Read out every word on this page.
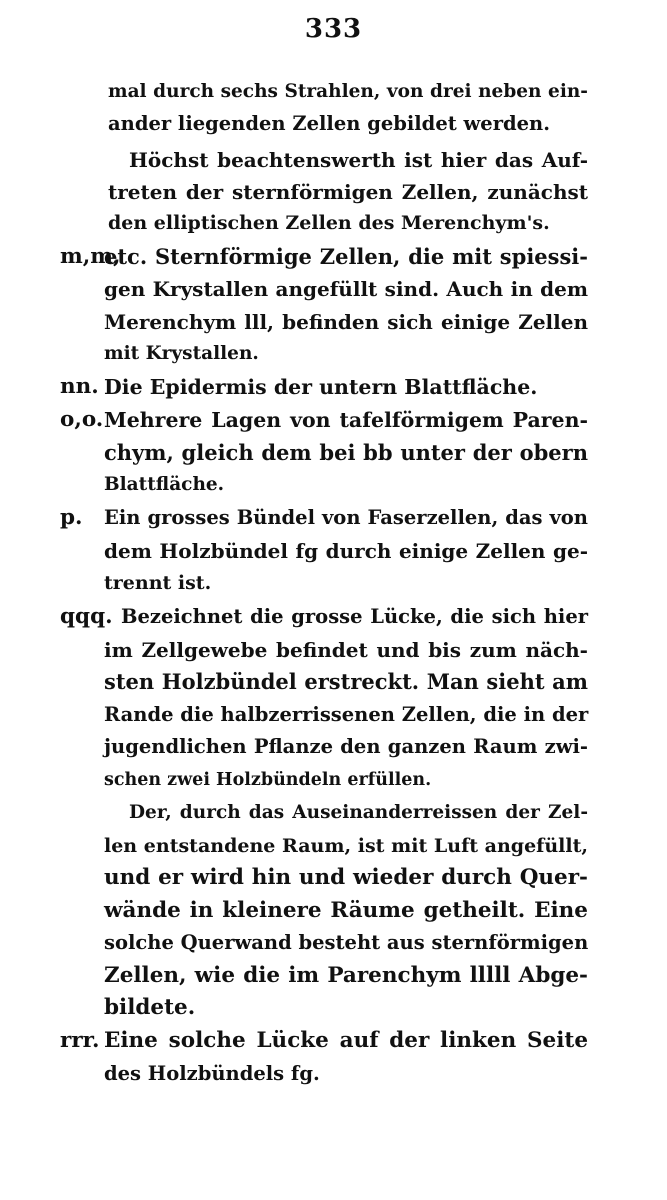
333
mal durch sechs Strahlen, von drei neben ein-
ander liegenden Zellen gebildet werden.
Höchst beachtenswerth ist hier das Auf-
treten der sternförmigen Zellen, zunächst
den elliptischen Zellen des Merenchym's.
m,m,
etc. Sternförmige Zellen, die mit spiessi-
gen Krystallen angefüllt sind. Auch in dem
Merenchym lll, befinden sich einige Zellen
mit Krystallen.
nn. Die Epidermis der untern Blattfläche.
o,o. Mehrere Lagen von tafelförmigem Paren-
chym, gleich dem bei bb unter der obern
Blattfläche.
p. Ein grosses Bündel von Faserzellen, das von
dem Holzbündel fg durch einige Zellen ge-
trennt ist.
qqq. Bezeichnet die grosse Lücke, die sich hier
im Zellgewebe befindet und bis zum näch-
sten Holzbündel erstreckt. Man sieht am
Rande die halbzerrissenen Zellen, die in der
jugendlichen Pflanze den ganzen Raum zwi-
schen zwei Holzbündeln erfüllen.
Der, durch das Auseinanderreissen der Zel-
len entstandene Raum, ist mit Luft angefüllt,
und er wird hin und wieder durch Quer-
wände in kleinere Räume getheilt. Eine
solche Querwand besteht aus sternförmigen
Zellen, wie die im Parenchym lllll Abge-
bildete.
rrr. Eine solche Lücke auf der linken Seite
des Holzbündels fg.
